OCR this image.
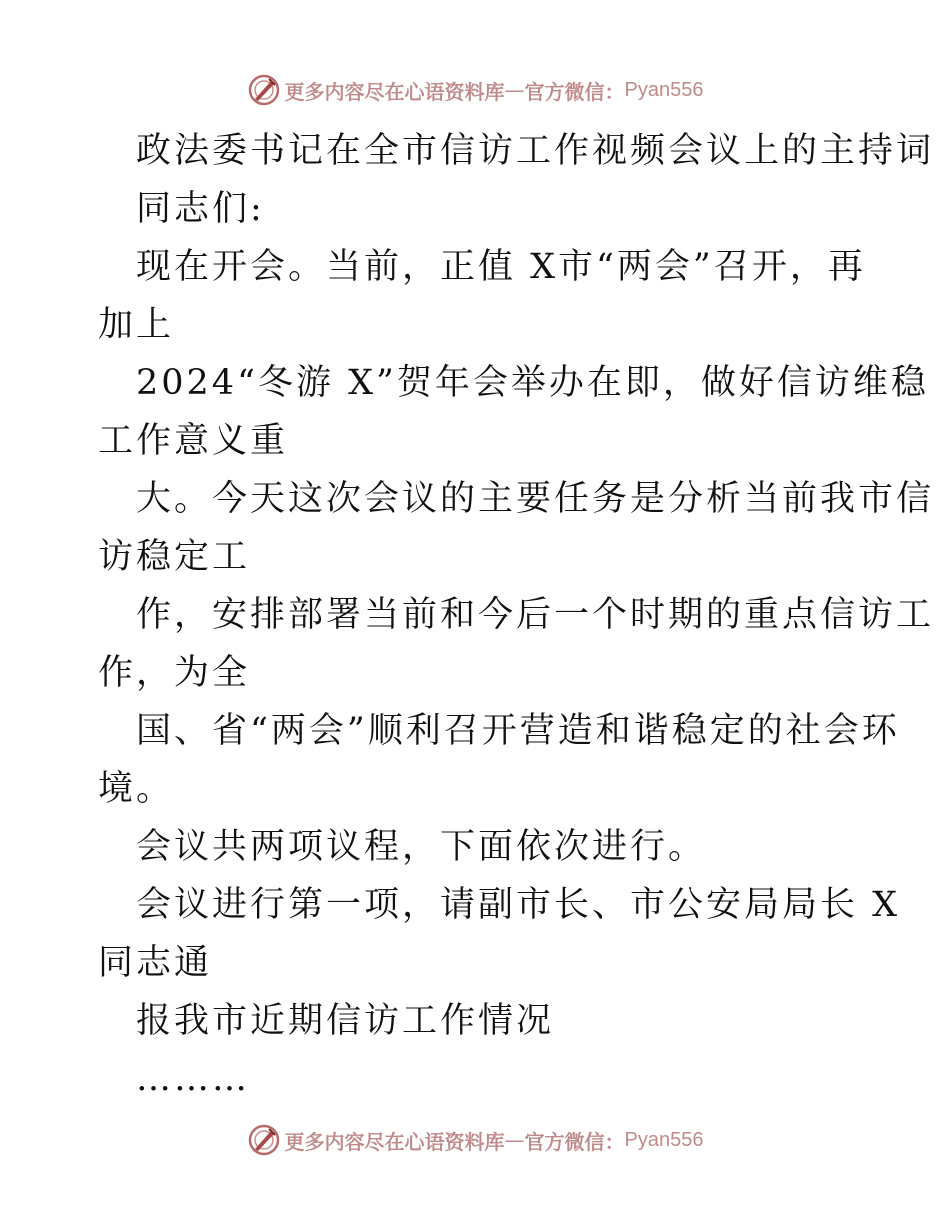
更多内容尽在心语资料库 — 官方微信： Pyan556
政法委书记在全市信访工作视频会议上的主持词
同志们:
现在开会。当前，正值 X市“两会”召开，再
加上
2024“冬游 X”贺年会举办在即，做好信访维稳
工作意义重
大。今天这次会议的主要任务是分析当前我市信
访稳定工
作，安排部署当前和今后一个时期的重点信访工
作，为全
国、省“两会”顺利召开营造和谐稳定的社会环
境。
会议共两项议程，下面依次进行。
会议进行第一项，请副市长、市公安局局长 X
同志通
报我市近期信访工作情况
………
更多内容尽在心语资料库 — 官方微信： Pyan556
